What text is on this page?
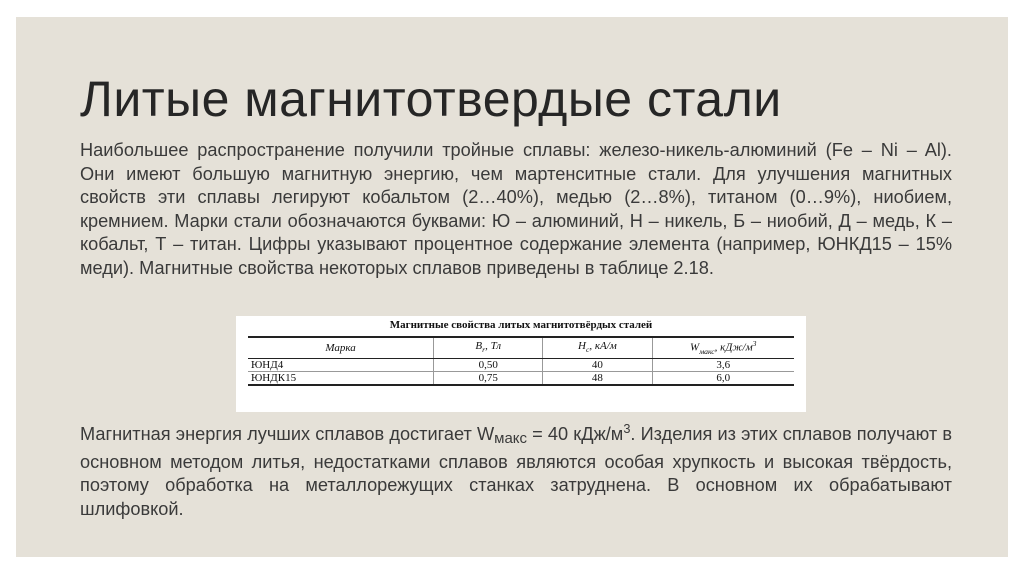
Литые магнитотвердые стали

Наибольшее распространение получили тройные сплавы: железо-никель-алюминий (Fe – Ni – Al). Они имеют большую магнитную энергию, чем мартенситные стали. Для улучшения магнитных свойств эти сплавы легируют кобальтом (2…40%), медью (2…8%), титаном (0…9%), ниобием, кремнием. Марки стали обозначаются буквами: Ю – алюминий, Н – никель, Б – ниобий, Д – медь, К – кобальт, Т – титан. Цифры указывают процентное содержание элемента (например, ЮНКД15 – 15% меди). Магнитные свойства некоторых сплавов приведены в таблице 2.18.

Магнитные свойства литых магнитотвёрдых сталей
Марка	$B_r$, Тл	$H_c$, кА/м	$W_{макс}$, кДж/$м^3$
ЮНД4	0,50	40	3,6
ЮНДК15	0,75	48	6,0

Магнитная энергия лучших сплавов достигает Wмакс = 40 кДж/$м^3$. Изделия из этих сплавов получают в основном методом литья, недостатками сплавов являются особая хрупкость и высокая твёрдость, поэтому обработка на металлорежущих станках затруднена. В основном их обрабатывают шлифовкой.
